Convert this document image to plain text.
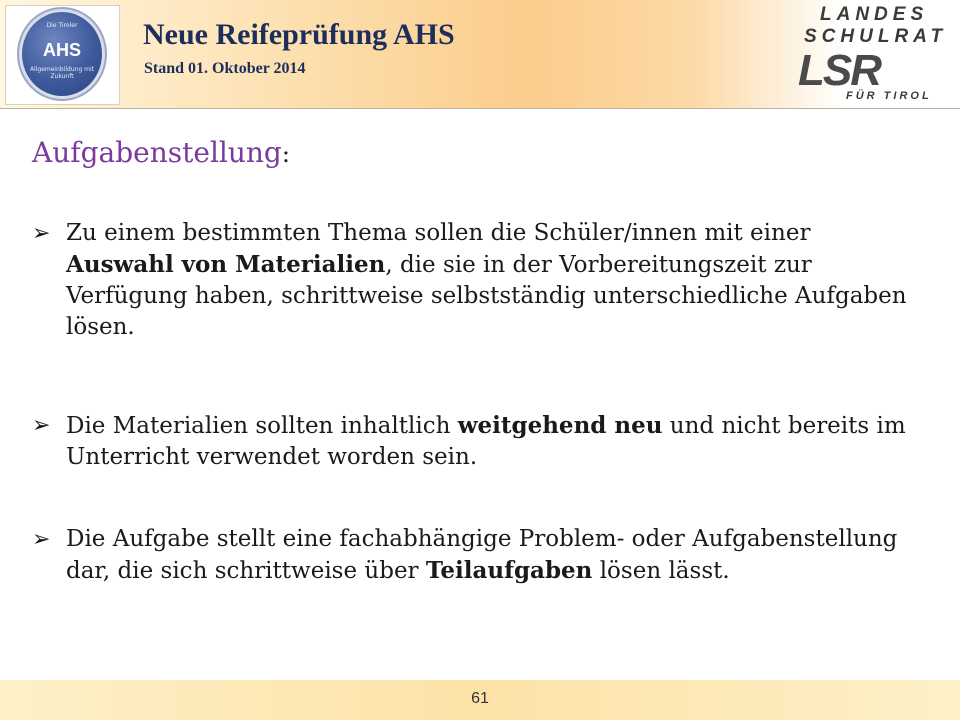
Die Tiroler
AHS
Allgemeinbildung mit Zukunft
Neue Reifeprüfung AHS
Stand 01. Oktober 2014
LANDES
SCHULRAT
LSR
FÜR TIROL
Aufgabenstellung:
➢ Zu einem bestimmten Thema sollen die Schüler/innen mit einer Auswahl von Materialien, die sie in der Vorbereitungszeit zur Verfügung haben, schrittweise selbstständig unterschiedliche Aufgaben lösen.
➢ Die Materialien sollten inhaltlich weitgehend neu und nicht bereits im Unterricht verwendet worden sein.
➢ Die Aufgabe stellt eine fachabhängige Problem- oder Aufgabenstellung dar, die sich schrittweise über Teilaufgaben lösen lässt.
61
